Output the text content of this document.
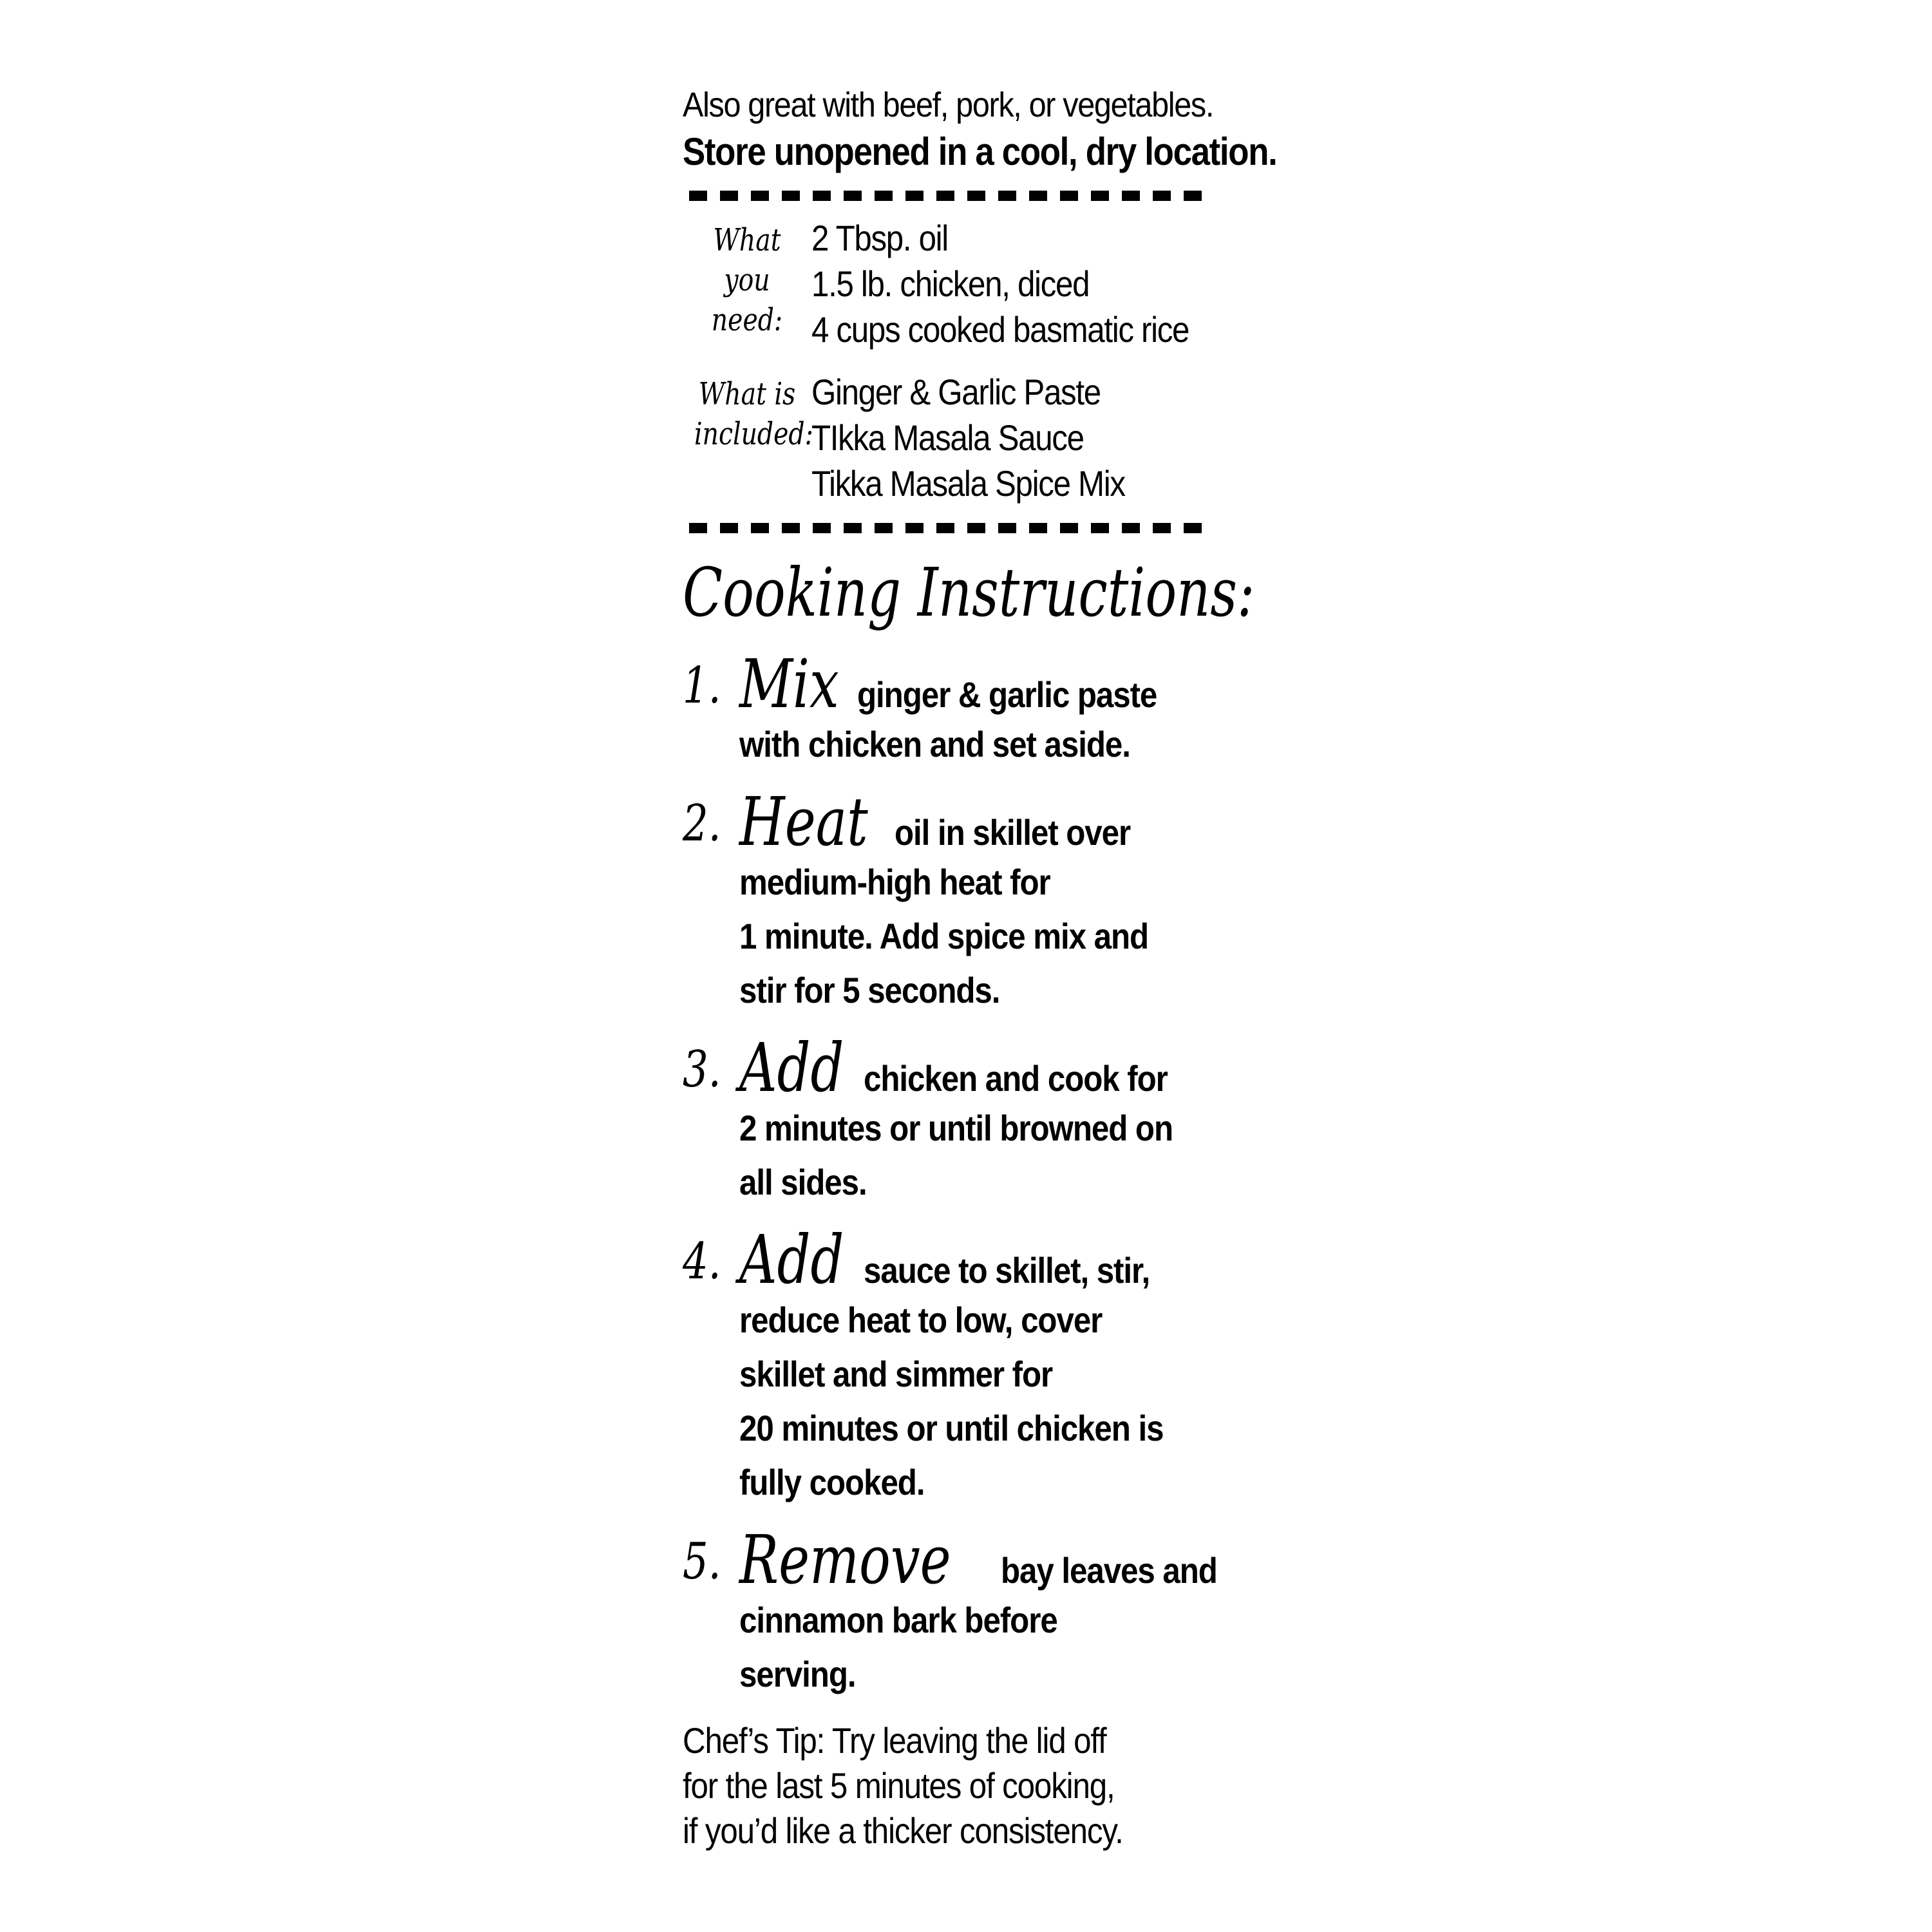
Also great with beef, pork, or vegetables.
Store unopened in a cool, dry location.
What you need:
2 Tbsp. oil
1.5 lb. chicken, diced
4 cups cooked basmatic rice
What is included:
Ginger & Garlic Paste
TIkka Masala Sauce
Tikka Masala Spice Mix
Cooking Instructions:
1. Mix ginger & garlic paste
with chicken and set aside.
2. Heat oil in skillet over
medium-high heat for
1 minute. Add spice mix and
stir for 5 seconds.
3. Add chicken and cook for
2 minutes or until browned on
all sides.
4. Add sauce to skillet, stir,
reduce heat to low, cover
skillet and simmer for
20 minutes or until chicken is
fully cooked.
5. Remove bay leaves and
cinnamon bark before
serving.
Chef’s Tip: Try leaving the lid off
for the last 5 minutes of cooking,
if you’d like a thicker consistency.
